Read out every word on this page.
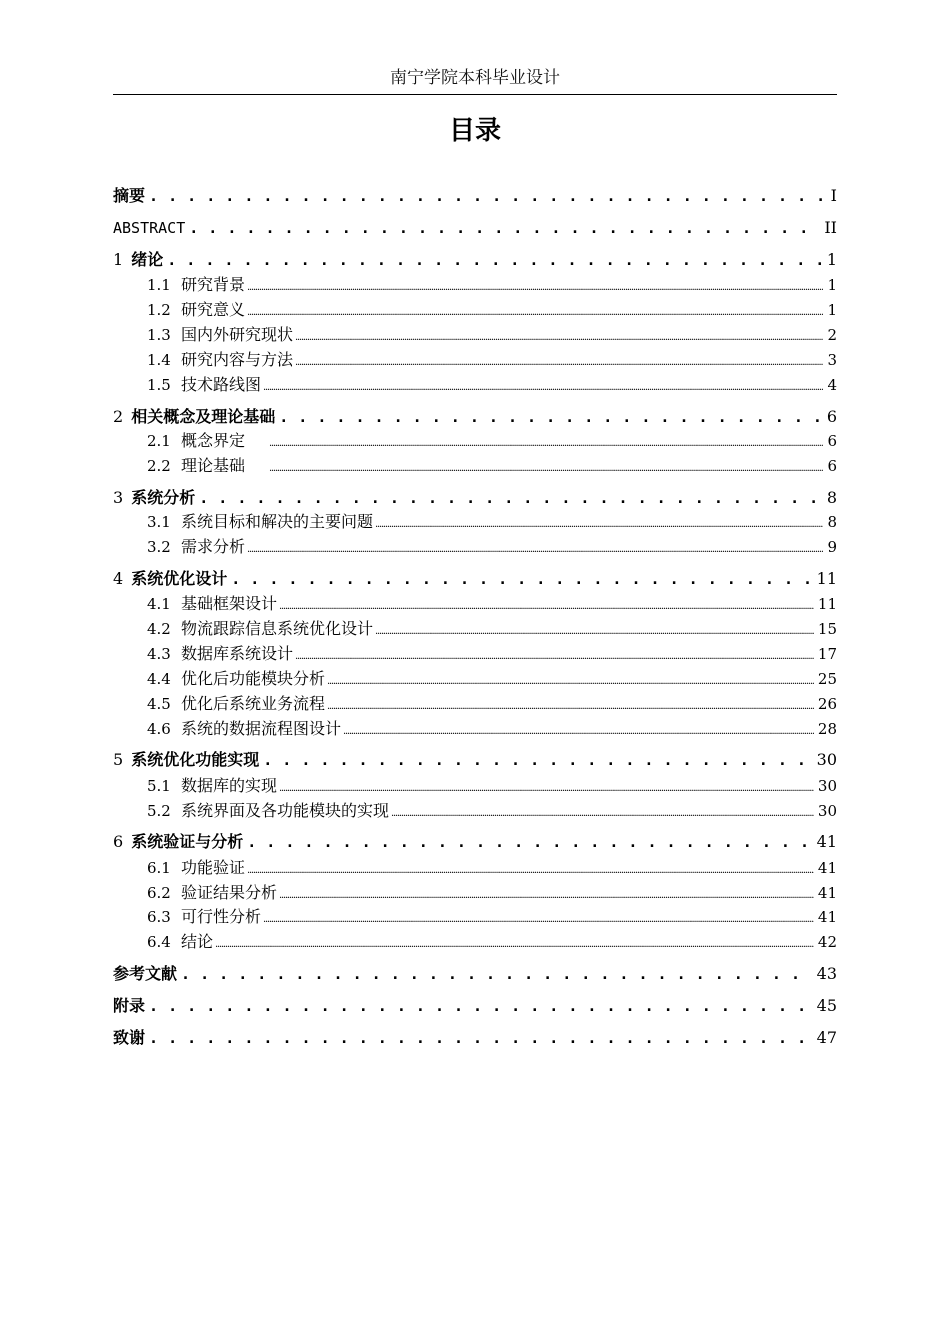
南宁学院本科毕业设计
目录
摘要 . . .	I
ABSTRACT . . .	II
1 绪论 . . .	1
1.1 研究背景 .....	1
1.2 研究意义 .....	1
1.3 国内外研究现状 .....	2
1.4 研究内容与方法 .....	3
1.5 技术路线图 .....	4
2 相关概念及理论基础 . . .	6
2.1 概念界定 .....	6
2.2 理论基础 .....	6
3 系统分析 . . .	8
3.1 系统目标和解决的主要问题 .....	8
3.2 需求分析 .....	9
4 系统优化设计 . . .	11
4.1 基础框架设计 .....	11
4.2 物流跟踪信息系统优化设计 .....	15
4.3 数据库系统设计 .....	17
4.4 优化后功能模块分析 .....	25
4.5 优化后系统业务流程 .....	26
4.6 系统的数据流程图设计 .....	28
5 系统优化功能实现 . . .	30
5.1 数据库的实现 .....	30
5.2 系统界面及各功能模块的实现 .....	30
6 系统验证与分析 . . .	41
6.1 功能验证 .....	41
6.2 验证结果分析 .....	41
6.3 可行性分析 .....	41
6.4 结论 .....	42
参考文献 . . .	43
附录 . . .	45
致谢 . . .	47
